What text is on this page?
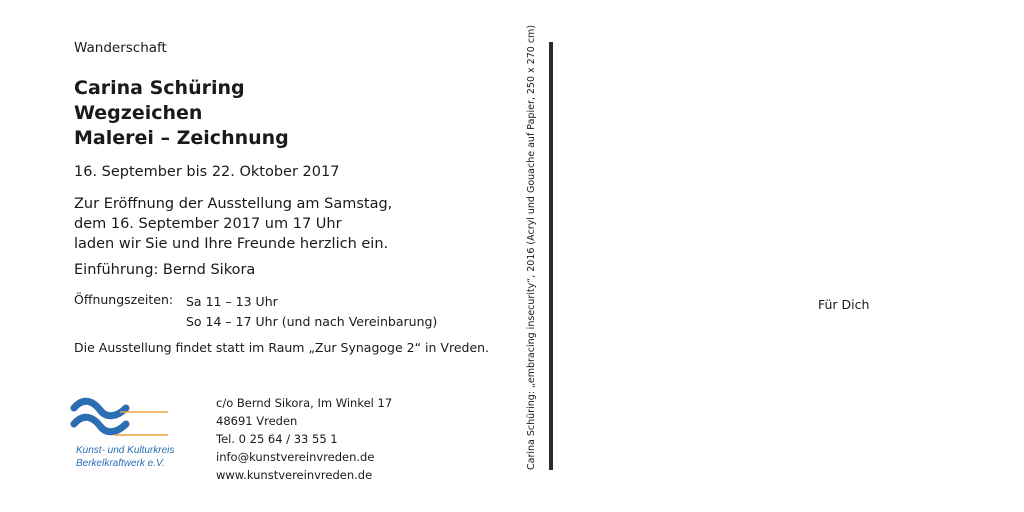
Wanderschaft
Carina Schüring
Wegzeichen
Malerei – Zeichnung
16. September bis 22. Oktober 2017
Zur Eröffnung der Ausstellung am Samstag,
dem 16. September 2017 um 17 Uhr
laden wir Sie und Ihre Freunde herzlich ein.
Einführung: Bernd Sikora
Öffnungszeiten: Sa 11 – 13 Uhr
So 14 – 17 Uhr (und nach Vereinbarung)
Die Ausstellung findet statt im Raum „Zur Synagoge 2“ in Vreden.
Kunst- und Kulturkreis
Berkelkraftwerk e.V.
c/o Bernd Sikora, Im Winkel 17
48691 Vreden
Tel. 0 25 64 / 33 55 1
info@kunstvereinvreden.de
www.kunstvereinvreden.de
Carina Schüring: „embracing insecurity“, 2016 (Acryl und Gouache auf Papier, 250 x 270 cm)	Für Dich
